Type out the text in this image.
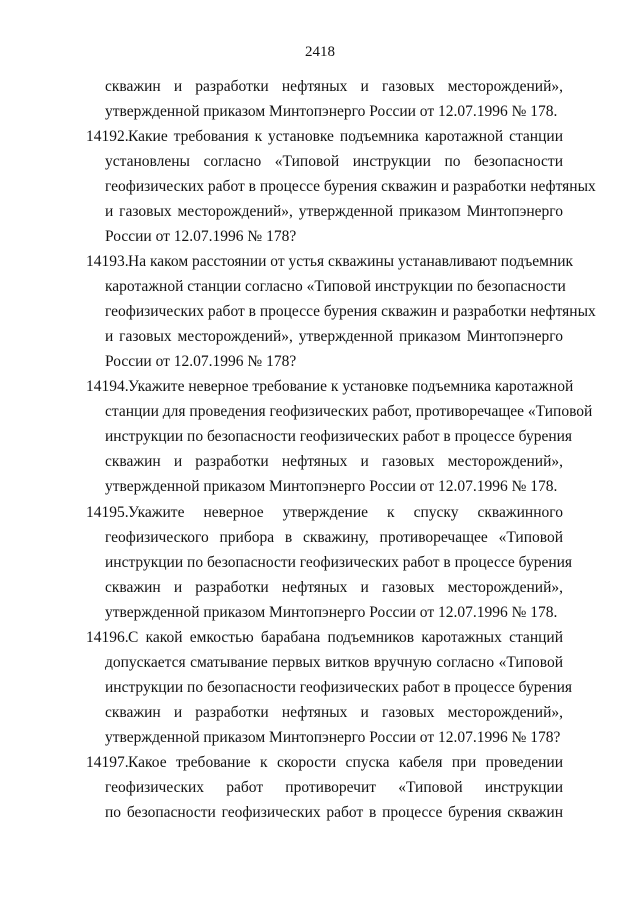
2418
скважин и разработки нефтяных и газовых месторождений»,
утвержденной приказом Минтопэнерго России от 12.07.1996 № 178.
14192. Какие требования к установке подъемника каротажной станции
установлены согласно «Типовой инструкции по безопасности
геофизических работ в процессе бурения скважин и разработки нефтяных
и газовых месторождений», утвержденной приказом Минтопэнерго
России от 12.07.1996 № 178?
14193. На каком расстоянии от устья скважины устанавливают подъемник
каротажной станции согласно «Типовой инструкции по безопасности
геофизических работ в процессе бурения скважин и разработки нефтяных
и газовых месторождений», утвержденной приказом Минтопэнерго
России от 12.07.1996 № 178?
14194. Укажите неверное требование к установке подъемника каротажной
станции для проведения геофизических работ, противоречащее «Типовой
инструкции по безопасности геофизических работ в процессе бурения
скважин и разработки нефтяных и газовых месторождений»,
утвержденной приказом Минтопэнерго России от 12.07.1996 № 178.
14195. Укажите неверное утверждение к спуску скважинного
геофизического прибора в скважину, противоречащее «Типовой
инструкции по безопасности геофизических работ в процессе бурения
скважин и разработки нефтяных и газовых месторождений»,
утвержденной приказом Минтопэнерго России от 12.07.1996 № 178.
14196. С какой емкостью барабана подъемников каротажных станций
допускается сматывание первых витков вручную согласно «Типовой
инструкции по безопасности геофизических работ в процессе бурения
скважин и разработки нефтяных и газовых месторождений»,
утвержденной приказом Минтопэнерго России от 12.07.1996 № 178?
14197. Какое требование к скорости спуска кабеля при проведении
геофизических работ противоречит «Типовой инструкции
по безопасности геофизических работ в процессе бурения скважин
